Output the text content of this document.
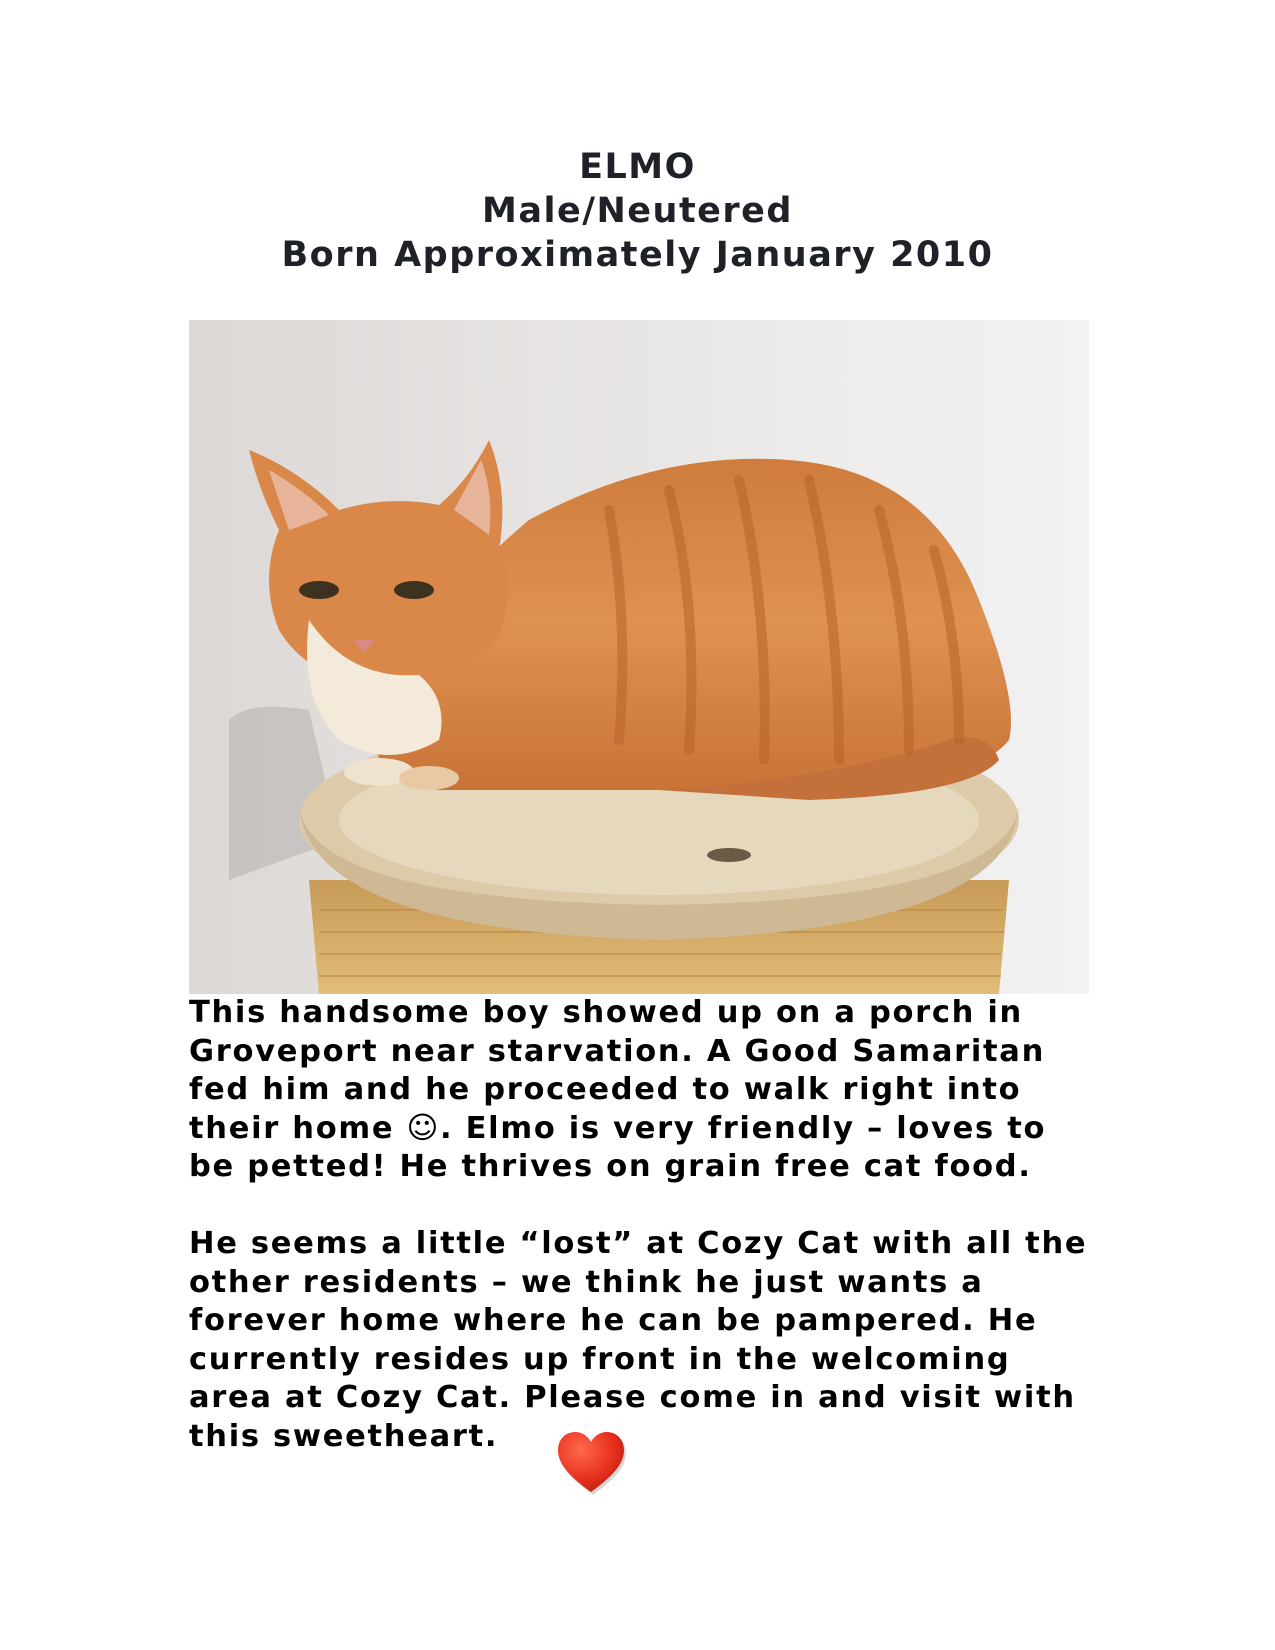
ELMO
Male/Neutered
Born Approximately January 2010
This handsome boy showed up on a porch in
Groveport near starvation. A Good Samaritan
fed him and he proceeded to walk right into
their home ☺. Elmo is very friendly – loves to
be petted! He thrives on grain free cat food.
He seems a little “lost” at Cozy Cat with all the
other residents – we think he just wants a
forever home where he can be pampered. He
currently resides up front in the welcoming
area at Cozy Cat. Please come in and visit with
this sweetheart.
